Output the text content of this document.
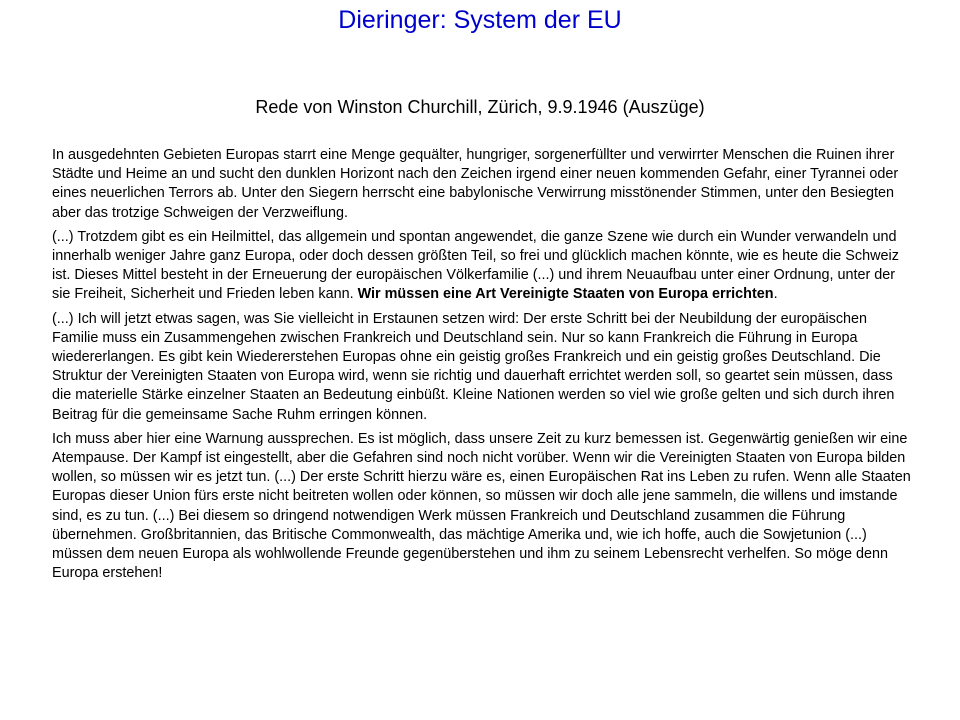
Dieringer: System der EU
Rede von Winston Churchill, Zürich, 9.9.1946 (Auszüge)

In ausgedehnten Gebieten Europas starrt eine Menge gequälter, hungriger, sorgenerfüllter und verwirrter Menschen die Ruinen ihrer Städte und Heime an und sucht den dunklen Horizont nach den Zeichen irgend einer neuen kommenden Gefahr, einer Tyrannei oder eines neuerlichen Terrors ab. Unter den Siegern herrscht eine babylonische Verwirrung misstönender Stimmen, unter den Besiegten aber das trotzige Schweigen der Verzweiflung.

(...) Trotzdem gibt es ein Heilmittel, das allgemein und spontan angewendet, die ganze Szene wie durch ein Wunder verwandeln und innerhalb weniger Jahre ganz Europa, oder doch dessen größten Teil, so frei und glücklich machen könnte, wie es heute die Schweiz ist. Dieses Mittel besteht in der Erneuerung der europäischen Völkerfamilie (...) und ihrem Neuaufbau unter einer Ordnung, unter der sie Freiheit, Sicherheit und Frieden leben kann. Wir müssen eine Art Vereinigte Staaten von Europa errichten.

(...) Ich will jetzt etwas sagen, was Sie vielleicht in Erstaunen setzen wird: Der erste Schritt bei der Neubildung der europäischen Familie muss ein Zusammengehen zwischen Frankreich und Deutschland sein. Nur so kann Frankreich die Führung in Europa wiedererlangen. Es gibt kein Wiedererstehen Europas ohne ein geistig großes Frankreich und ein geistig großes Deutschland. Die Struktur der Vereinigten Staaten von Europa wird, wenn sie richtig und dauerhaft errichtet werden soll, so geartet sein müssen, dass die materielle Stärke einzelner Staaten an Bedeutung einbüßt. Kleine Nationen werden so viel wie große gelten und sich durch ihren Beitrag für die gemeinsame Sache Ruhm erringen können.

Ich muss aber hier eine Warnung aussprechen. Es ist möglich, dass unsere Zeit zu kurz bemessen ist. Gegenwärtig genießen wir eine Atempause. Der Kampf ist eingestellt, aber die Gefahren sind noch nicht vorüber. Wenn wir die Vereinigten Staaten von Europa bilden wollen, so müssen wir es jetzt tun. (...) Der erste Schritt hierzu wäre es, einen Europäischen Rat ins Leben zu rufen. Wenn alle Staaten Europas dieser Union fürs erste nicht beitreten wollen oder können, so müssen wir doch alle jene sammeln, die willens und imstande sind, es zu tun. (...) Bei diesem so dringend notwendigen Werk müssen Frankreich und Deutschland zusammen die Führung übernehmen. Großbritannien, das Britische Commonwealth, das mächtige Amerika und, wie ich hoffe, auch die Sowjetunion (...) müssen dem neuen Europa als wohlwollende Freunde gegenüberstehen und ihm zu seinem Lebensrecht verhelfen. So möge denn Europa erstehen!
